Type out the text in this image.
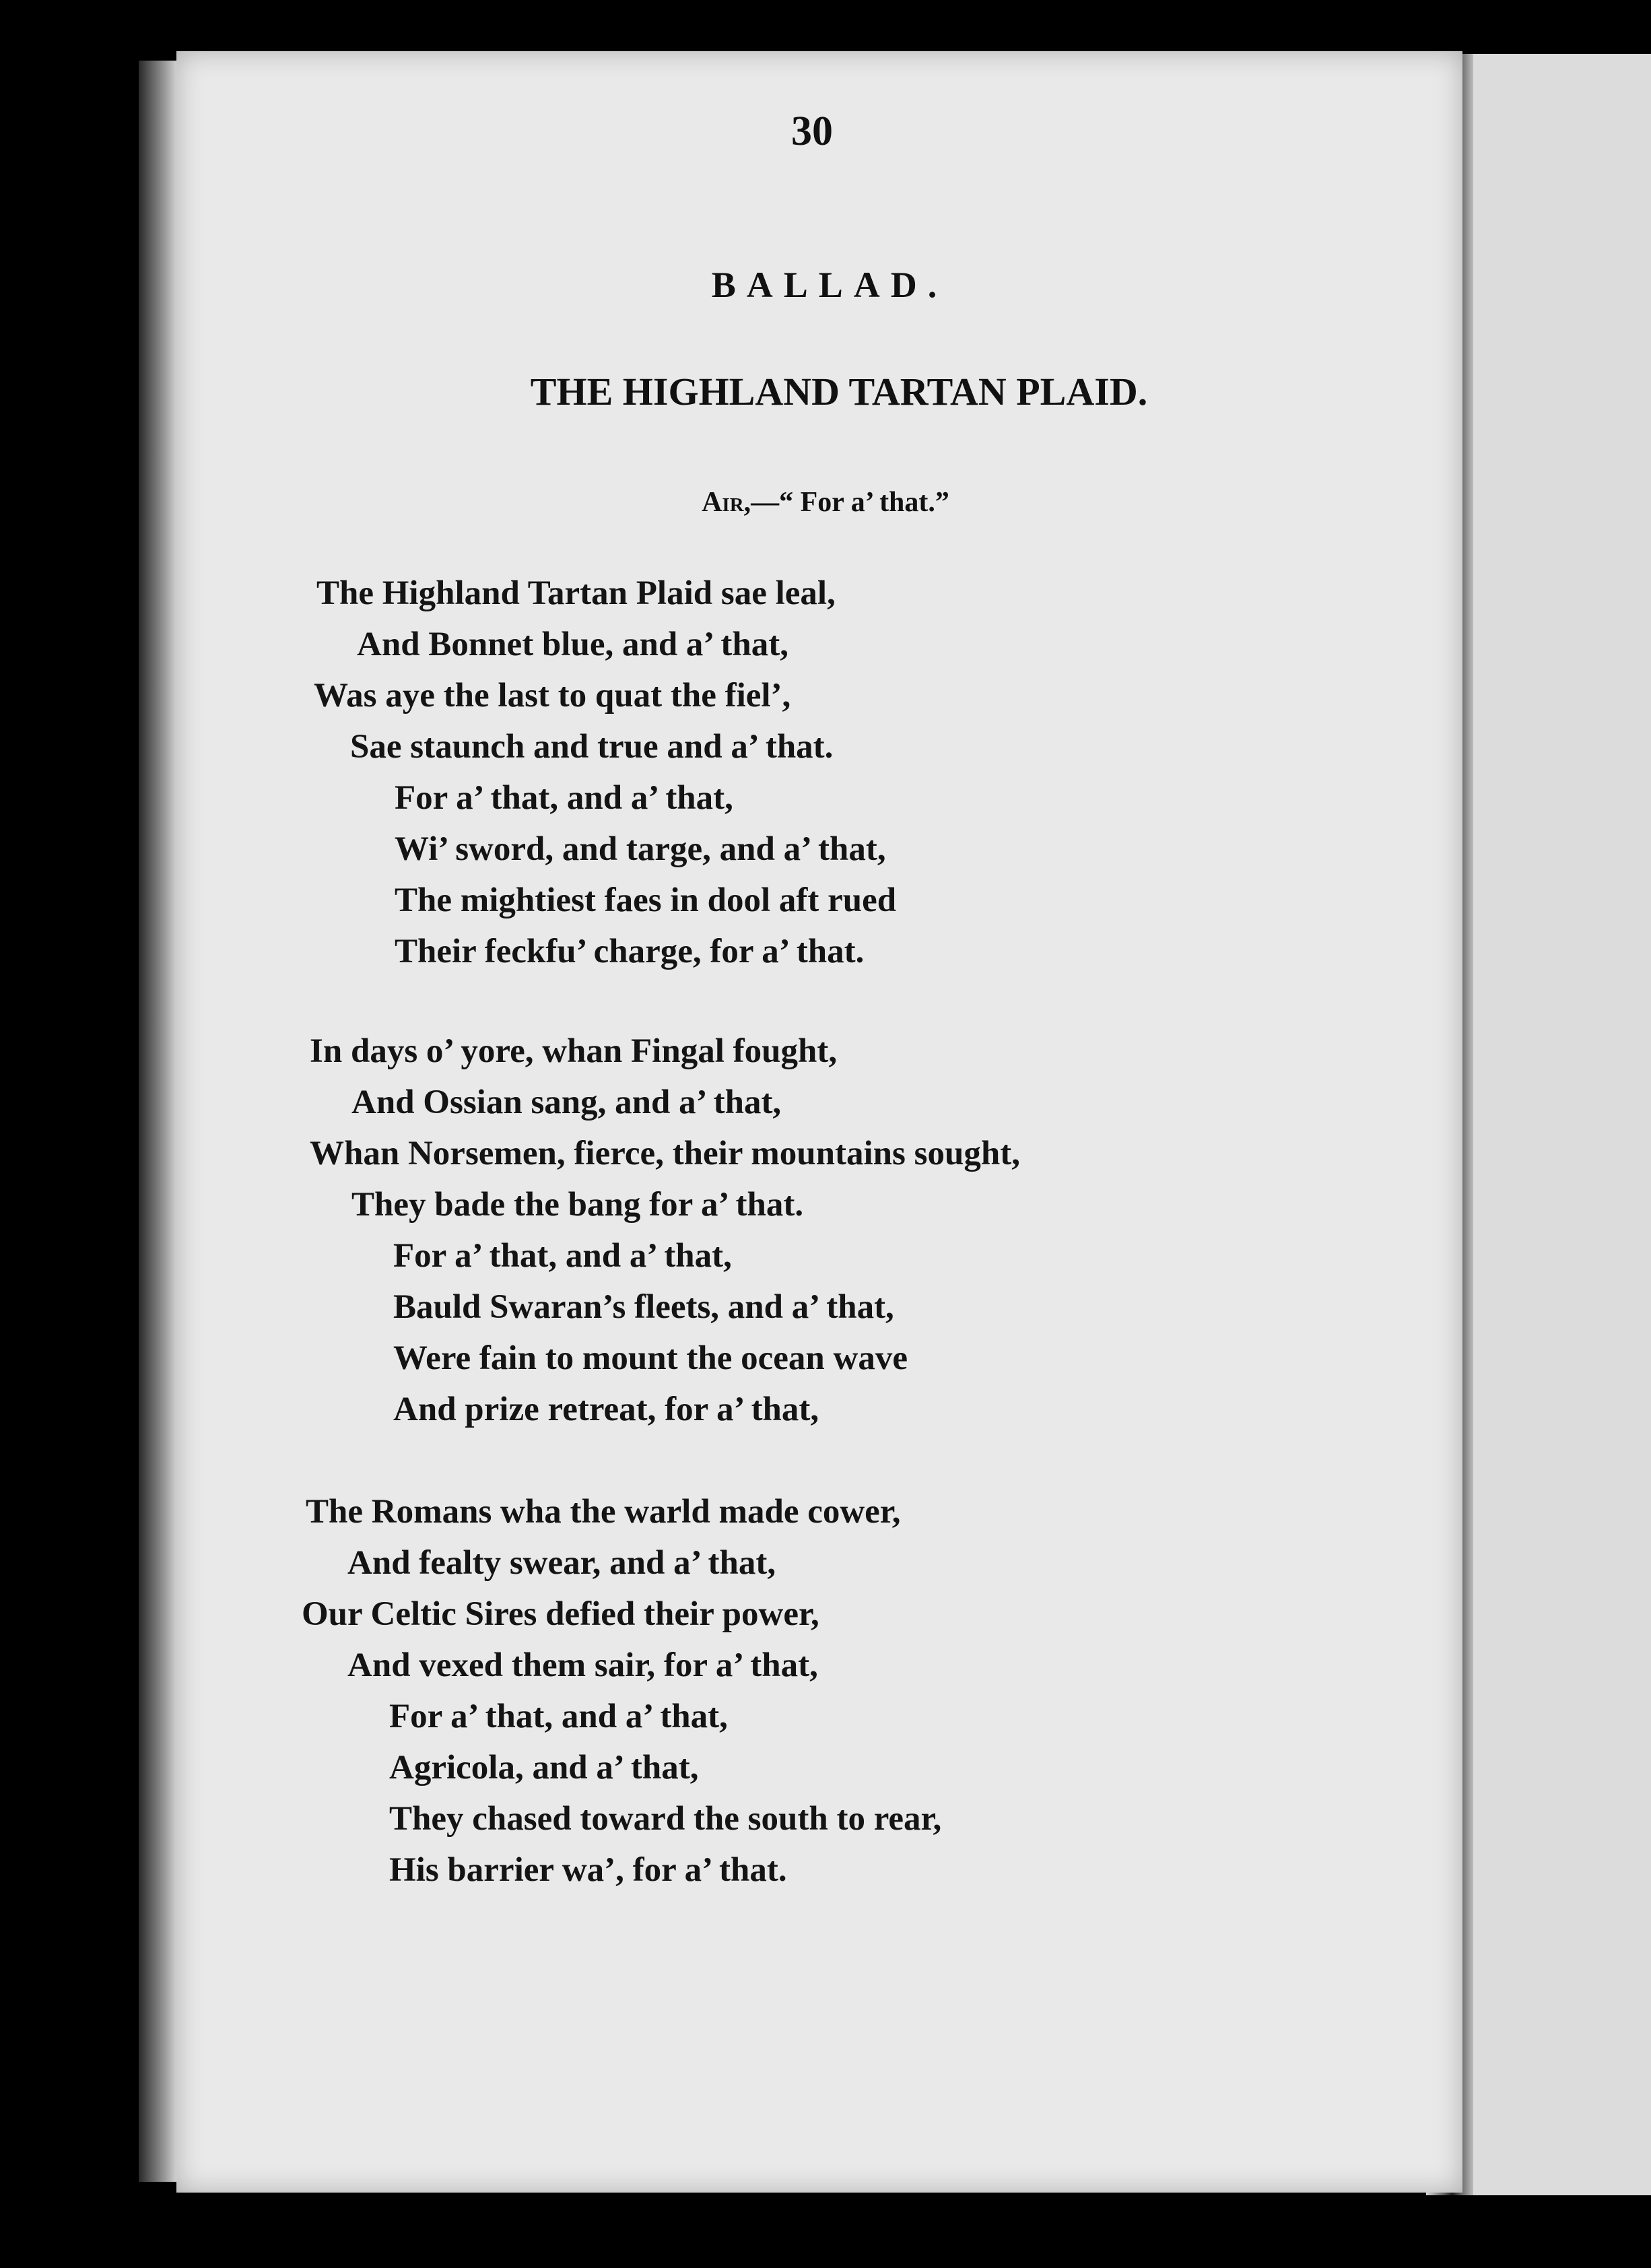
30
BALLAD.
THE HIGHLAND TARTAN PLAID.
Air,—“ For a’ that.”
The Highland Tartan Plaid sae leal,
And Bonnet blue, and a’ that,
Was aye the last to quat the fiel’,
Sae staunch and true and a’ that.
For a’ that, and a’ that,
Wi’ sword, and targe, and a’ that,
The mightiest faes in dool aft rued
Their feckfu’ charge, for a’ that.
In days o’ yore, whan Fingal fought,
And Ossian sang, and a’ that,
Whan Norsemen, fierce, their mountains sought,
They bade the bang for a’ that.
For a’ that, and a’ that,
Bauld Swaran’s fleets, and a’ that,
Were fain to mount the ocean wave
And prize retreat, for a’ that,
The Romans wha the warld made cower,
And fealty swear, and a’ that,
Our Celtic Sires defied their power,
And vexed them sair, for a’ that,
For a’ that, and a’ that,
Agricola, and a’ that,
They chased toward the south to rear,
His barrier wa’, for a’ that.
